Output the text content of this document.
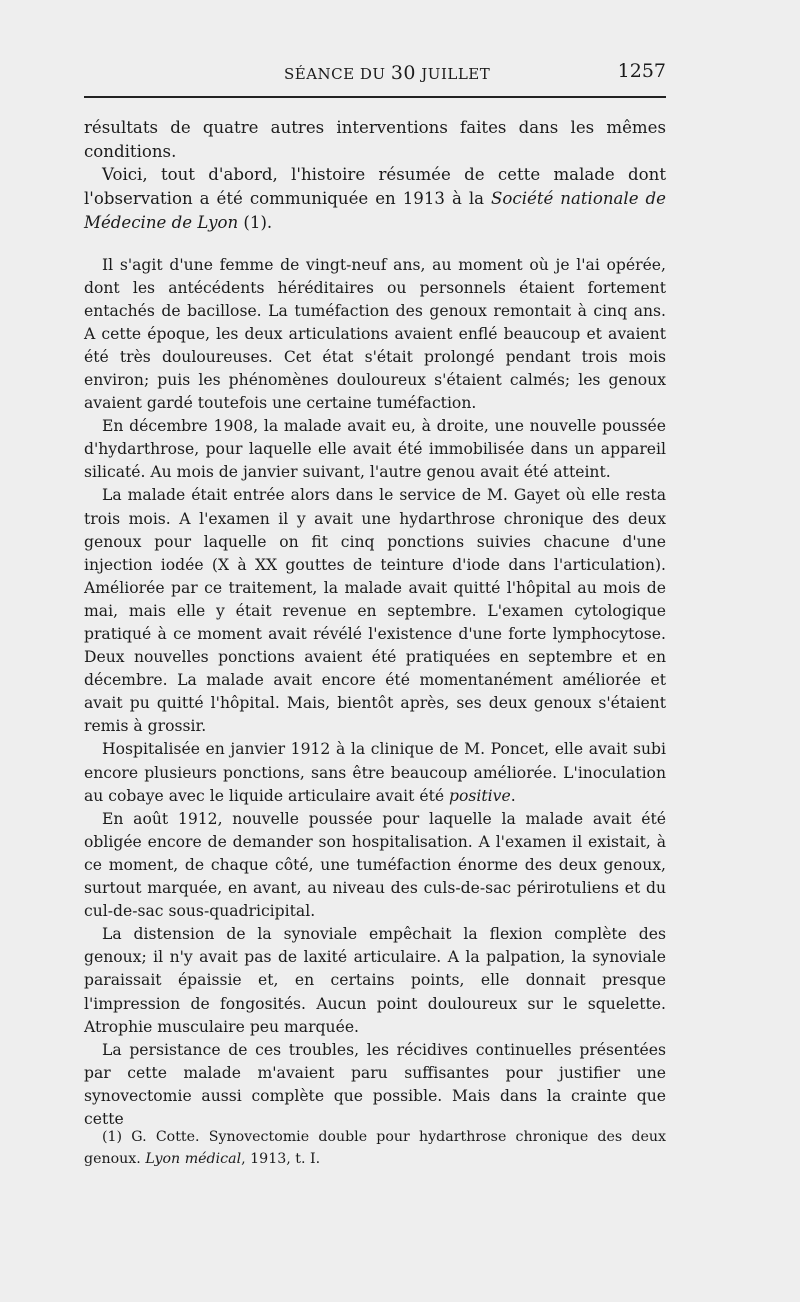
SÉANCE DU 30 JUILLET	1257

résultats de quatre autres interventions faites dans les mêmes conditions.

Voici, tout d'abord, l'histoire résumée de cette malade dont l'observation a été communiquée en 1913 à la Société nationale de Médecine de Lyon (1).

Il s'agit d'une femme de vingt-neuf ans, au moment où je l'ai opérée, dont les antécédents héréditaires ou personnels étaient fortement entachés de bacillose. La tuméfaction des genoux remontait à cinq ans. A cette époque, les deux articulations avaient enflé beaucoup et avaient été très douloureuses. Cet état s'était prolongé pendant trois mois environ; puis les phénomènes douloureux s'étaient calmés; les genoux avaient gardé toutefois une certaine tuméfaction.

En décembre 1908, la malade avait eu, à droite, une nouvelle poussée d'hydarthrose, pour laquelle elle avait été immobilisée dans un appareil silicaté. Au mois de janvier suivant, l'autre genou avait été atteint.

La malade était entrée alors dans le service de M. Gayet où elle resta trois mois. A l'examen il y avait une hydarthrose chronique des deux genoux pour laquelle on fit cinq ponctions suivies chacune d'une injection iodée (X à XX gouttes de teinture d'iode dans l'articulation). Améliorée par ce traitement, la malade avait quitté l'hôpital au mois de mai, mais elle y était revenue en septembre. L'examen cytologique pratiqué à ce moment avait révélé l'existence d'une forte lymphocytose. Deux nouvelles ponctions avaient été pratiquées en septembre et en décembre. La malade avait encore été momentanément améliorée et avait pu quitté l'hôpital. Mais, bientôt après, ses deux genoux s'étaient remis à grossir.

Hospitalisée en janvier 1912 à la clinique de M. Poncet, elle avait subi encore plusieurs ponctions, sans être beaucoup améliorée. L'inoculation au cobaye avec le liquide articulaire avait été positive.

En août 1912, nouvelle poussée pour laquelle la malade avait été obligée encore de demander son hospitalisation. A l'examen il existait, à ce moment, de chaque côté, une tuméfaction énorme des deux genoux, surtout marquée, en avant, au niveau des culs-de-sac périrotuliens et du cul-de-sac sous-quadricipital.

La distension de la synoviale empêchait la flexion complète des genoux; il n'y avait pas de laxité articulaire. A la palpation, la synoviale paraissait épaissie et, en certains points, elle donnait presque l'impression de fongosités. Aucun point douloureux sur le squelette. Atrophie musculaire peu marquée.

La persistance de ces troubles, les récidives continuelles présentées par cette malade m'avaient paru suffisantes pour justifier une synovectomie aussi complète que possible. Mais dans la crainte que cette

(1) G. Cotte. Synovectomie double pour hydarthrose chronique des deux genoux. Lyon médical, 1913, t. I.
